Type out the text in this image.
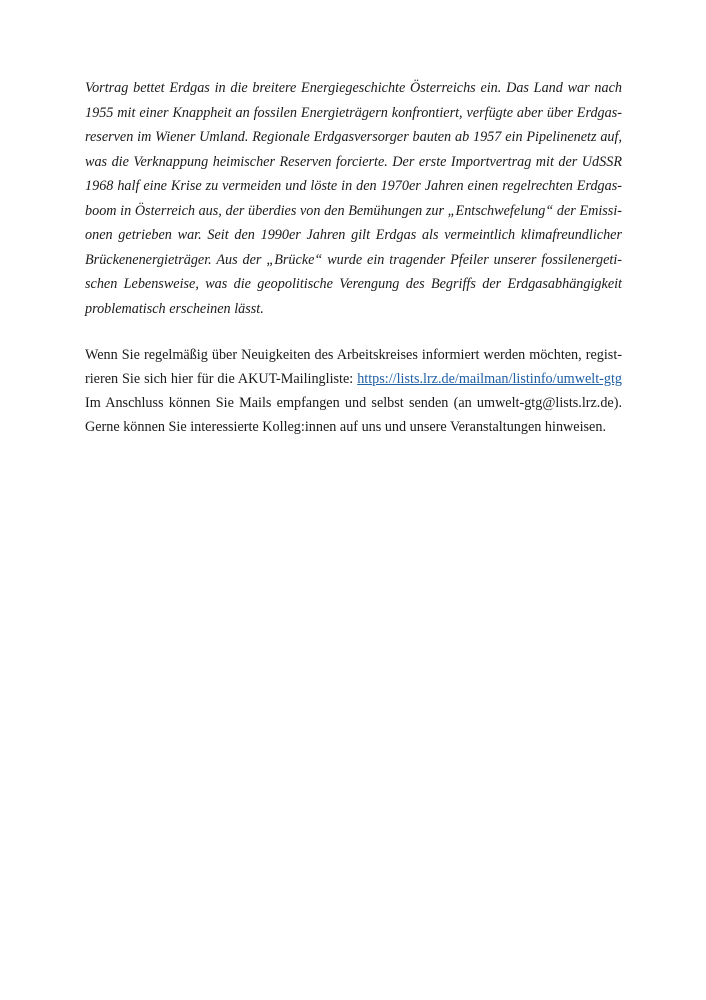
Vortrag bettet Erdgas in die breitere Energiegeschichte Österreichs ein. Das Land war nach
1955 mit einer Knappheit an fossilen Energieträgern konfrontiert, verfügte aber über Erdgas-
reserven im Wiener Umland. Regionale Erdgasversorger bauten ab 1957 ein Pipelinenetz auf,
was die Verknappung heimischer Reserven forcierte. Der erste Importvertrag mit der UdSSR
1968 half eine Krise zu vermeiden und löste in den 1970er Jahren einen regelrechten Erdgas-
boom in Österreich aus, der überdies von den Bemühungen zur „Entschwefelung“ der Emissi-
onen getrieben war. Seit den 1990er Jahren gilt Erdgas als vermeintlich klimafreundlicher
Brückenenergieträger. Aus der „Brücke“ wurde ein tragender Pfeiler unserer fossilenergeti-
schen Lebensweise, was die geopolitische Verengung des Begriffs der Erdgasabhängigkeit
problematisch erscheinen lässt.
Wenn Sie regelmäßig über Neuigkeiten des Arbeitskreises informiert werden möchten, regist-
rieren Sie sich hier für die AKUT-Mailingliste: https://lists.lrz.de/mailman/listinfo/umwelt-gtg
Im Anschluss können Sie Mails empfangen und selbst senden (an umwelt-gtg@lists.lrz.de).
Gerne können Sie interessierte Kolleg:innen auf uns und unsere Veranstaltungen hinweisen.
